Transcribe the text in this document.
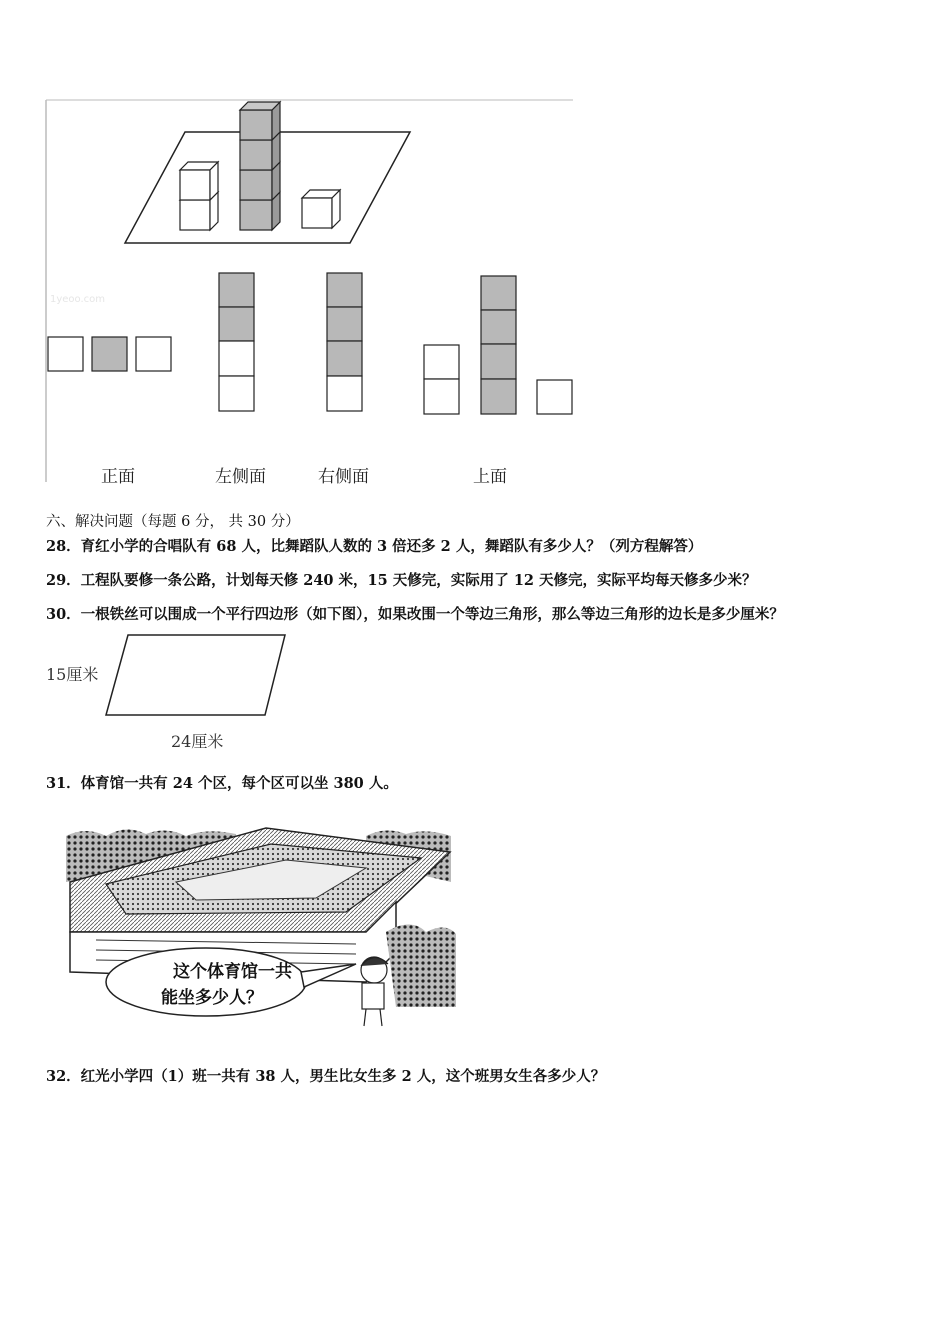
1yeoo.com
正面	左侧面	右侧面	上面
六、解决问题（每题 6 分， 共 30 分）
28．育红小学的合唱队有 68 人，比舞蹈队人数的 3 倍还多 2 人，舞蹈队有多少人？（列方程解答）
29．工程队要修一条公路，计划每天修 240 米，15 天修完，实际用了 12 天修完，实际平均每天修多少米？
30．一根铁丝可以围成一个平行四边形（如下图），如果改围一个等边三角形，那么等边三角形的边长是多少厘米？
15厘米
24厘米
31．体育馆一共有 24 个区，每个区可以坐 380 人。
这个体育馆一共
能坐多少人？
32．红光小学四（1）班一共有 38 人，男生比女生多 2 人，这个班男女生各多少人？
